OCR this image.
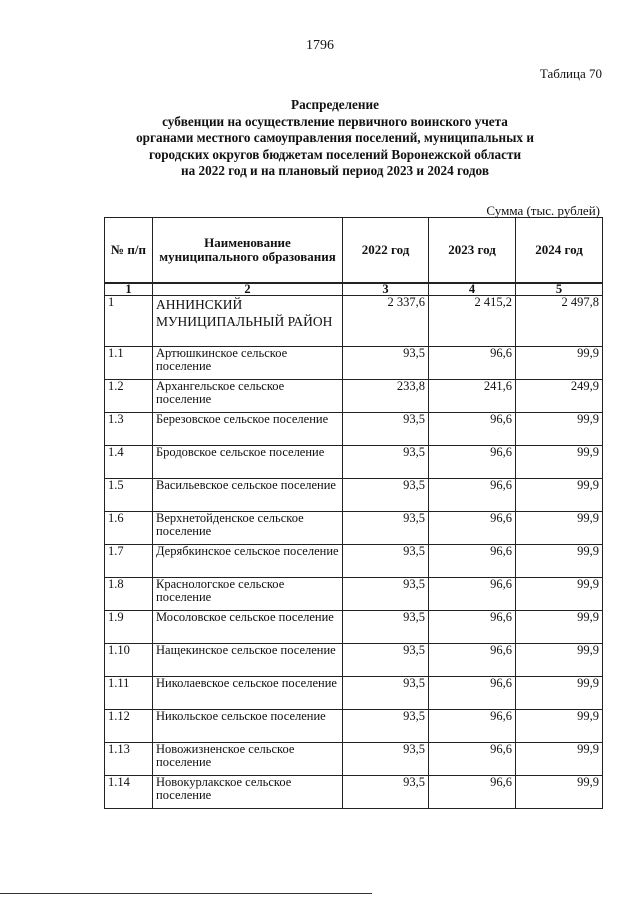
1796
Таблица 70
Распределение
субвенции на осуществление первичного воинского учета
органами местного самоуправления поселений, муниципальных и
городских округов бюджетам поселений Воронежской области
на 2022 год и на плановый период 2023 и 2024 годов
Сумма (тыс. рублей)
№ п/п	Наименование муниципального образования	2022 год	2023 год	2024 год
1	2	3	4	5
1	АННИНСКИЙ МУНИЦИПАЛЬНЫЙ РАЙОН	2 337,6	2 415,2	2 497,8
1.1	Артюшкинское сельское поселение	93,5	96,6	99,9
1.2	Архангельское сельское поселение	233,8	241,6	249,9
1.3	Березовское сельское поселение	93,5	96,6	99,9
1.4	Бродовское сельское поселение	93,5	96,6	99,9
1.5	Васильевское сельское поселение	93,5	96,6	99,9
1.6	Верхнетойденское сельское поселение	93,5	96,6	99,9
1.7	Дерябкинское сельское поселение	93,5	96,6	99,9
1.8	Краснологское сельское поселение	93,5	96,6	99,9
1.9	Мосоловское сельское поселение	93,5	96,6	99,9
1.10	Нащекинское сельское поселение	93,5	96,6	99,9
1.11	Николаевское сельское поселение	93,5	96,6	99,9
1.12	Никольское сельское поселение	93,5	96,6	99,9
1.13	Новожизненское сельское поселение	93,5	96,6	99,9
1.14	Новокурлакское сельское поселение	93,5	96,6	99,9
